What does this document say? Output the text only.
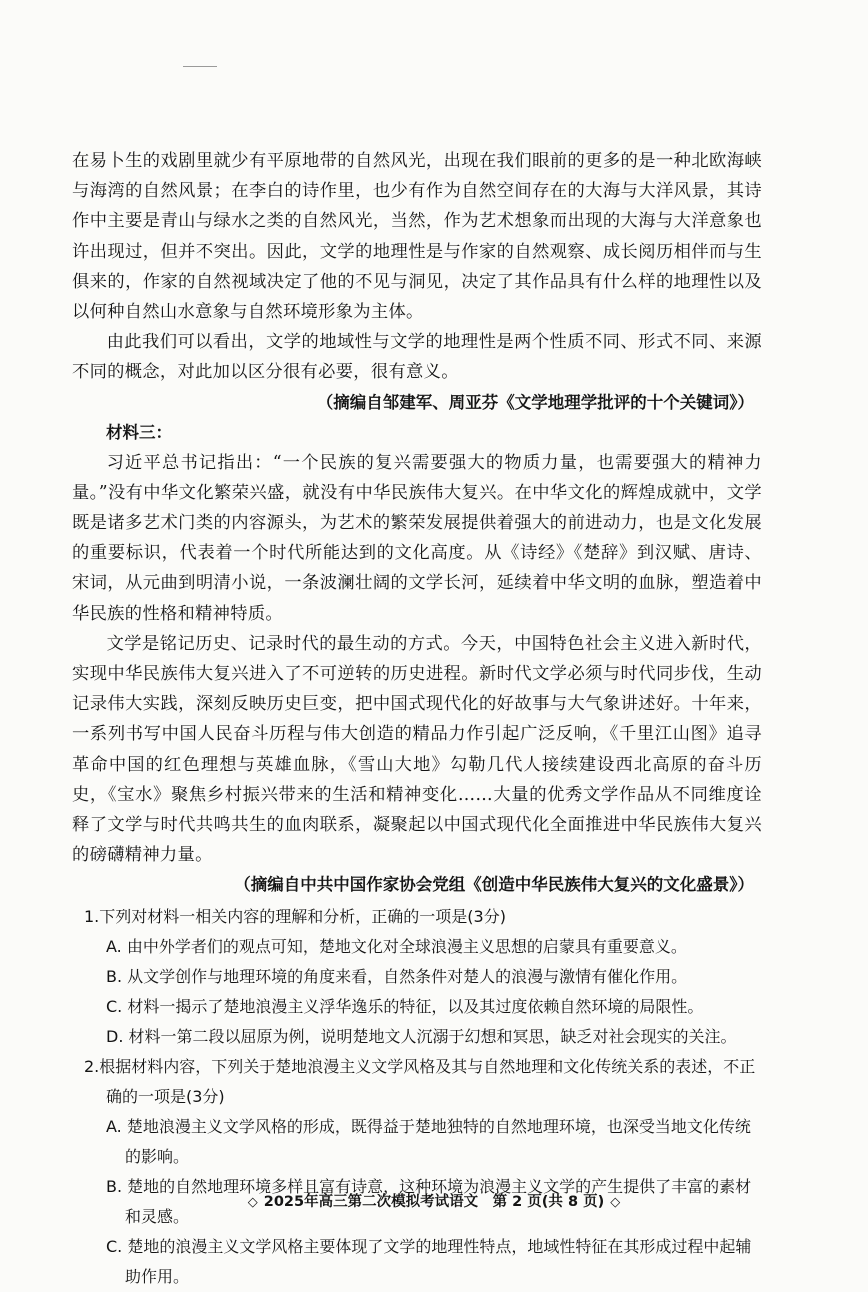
在易卜生的戏剧里就少有平原地带的自然风光，出现在我们眼前的更多的是一种北欧海峡与海湾的自然风景；在李白的诗作里，也少有作为自然空间存在的大海与大洋风景，其诗作中主要是青山与绿水之类的自然风光，当然，作为艺术想象而出现的大海与大洋意象也许出现过，但并不突出。因此，文学的地理性是与作家的自然观察、成长阅历相伴而与生俱来的，作家的自然视域决定了他的不见与洞见，决定了其作品具有什么样的地理性以及以何种自然山水意象与自然环境形象为主体。

由此我们可以看出，文学的地域性与文学的地理性是两个性质不同、形式不同、来源不同的概念，对此加以区分很有必要，很有意义。

（摘编自邹建军、周亚芬《文学地理学批评的十个关键词》）

材料三：

习近平总书记指出：“一个民族的复兴需要强大的物质力量，也需要强大的精神力量。”没有中华文化繁荣兴盛，就没有中华民族伟大复兴。在中华文化的辉煌成就中，文学既是诸多艺术门类的内容源头，为艺术的繁荣发展提供着强大的前进动力，也是文化发展的重要标识，代表着一个时代所能达到的文化高度。从《诗经》《楚辞》到汉赋、唐诗、宋词，从元曲到明清小说，一条波澜壮阔的文学长河，延续着中华文明的血脉，塑造着中华民族的性格和精神特质。

文学是铭记历史、记录时代的最生动的方式。今天，中国特色社会主义进入新时代，实现中华民族伟大复兴进入了不可逆转的历史进程。新时代文学必须与时代同步伐，生动记录伟大实践，深刻反映历史巨变，把中国式现代化的好故事与大气象讲述好。十年来，一系列书写中国人民奋斗历程与伟大创造的精品力作引起广泛反响，《千里江山图》追寻革命中国的红色理想与英雄血脉，《雪山大地》勾勒几代人接续建设西北高原的奋斗历史，《宝水》聚焦乡村振兴带来的生活和精神变化……大量的优秀文学作品从不同维度诠释了文学与时代共鸣共生的血肉联系，凝聚起以中国式现代化全面推进中华民族伟大复兴的磅礴精神力量。

（摘编自中共中国作家协会党组《创造中华民族伟大复兴的文化盛景》）

1.下列对材料一相关内容的理解和分析，正确的一项是(3分)

A. 由中外学者们的观点可知，楚地文化对全球浪漫主义思想的启蒙具有重要意义。

B. 从文学创作与地理环境的角度来看，自然条件对楚人的浪漫与激情有催化作用。

C. 材料一揭示了楚地浪漫主义浮华逸乐的特征，以及其过度依赖自然环境的局限性。

D. 材料一第二段以屈原为例，说明楚地文人沉溺于幻想和冥思，缺乏对社会现实的关注。

2.根据材料内容，下列关于楚地浪漫主义文学风格及其与自然地理和文化传统关系的表述，不正确的一项是(3分)

A. 楚地浪漫主义文学风格的形成，既得益于楚地独特的自然地理环境，也深受当地文化传统的影响。

B. 楚地的自然地理环境多样且富有诗意，这种环境为浪漫主义文学的产生提供了丰富的素材和灵感。

C. 楚地的浪漫主义文学风格主要体现了文学的地理性特点，地域性特征在其形成过程中起辅助作用。

◇ 2025年高三第二次模拟考试语文　第 2 页(共 8 页) ◇
